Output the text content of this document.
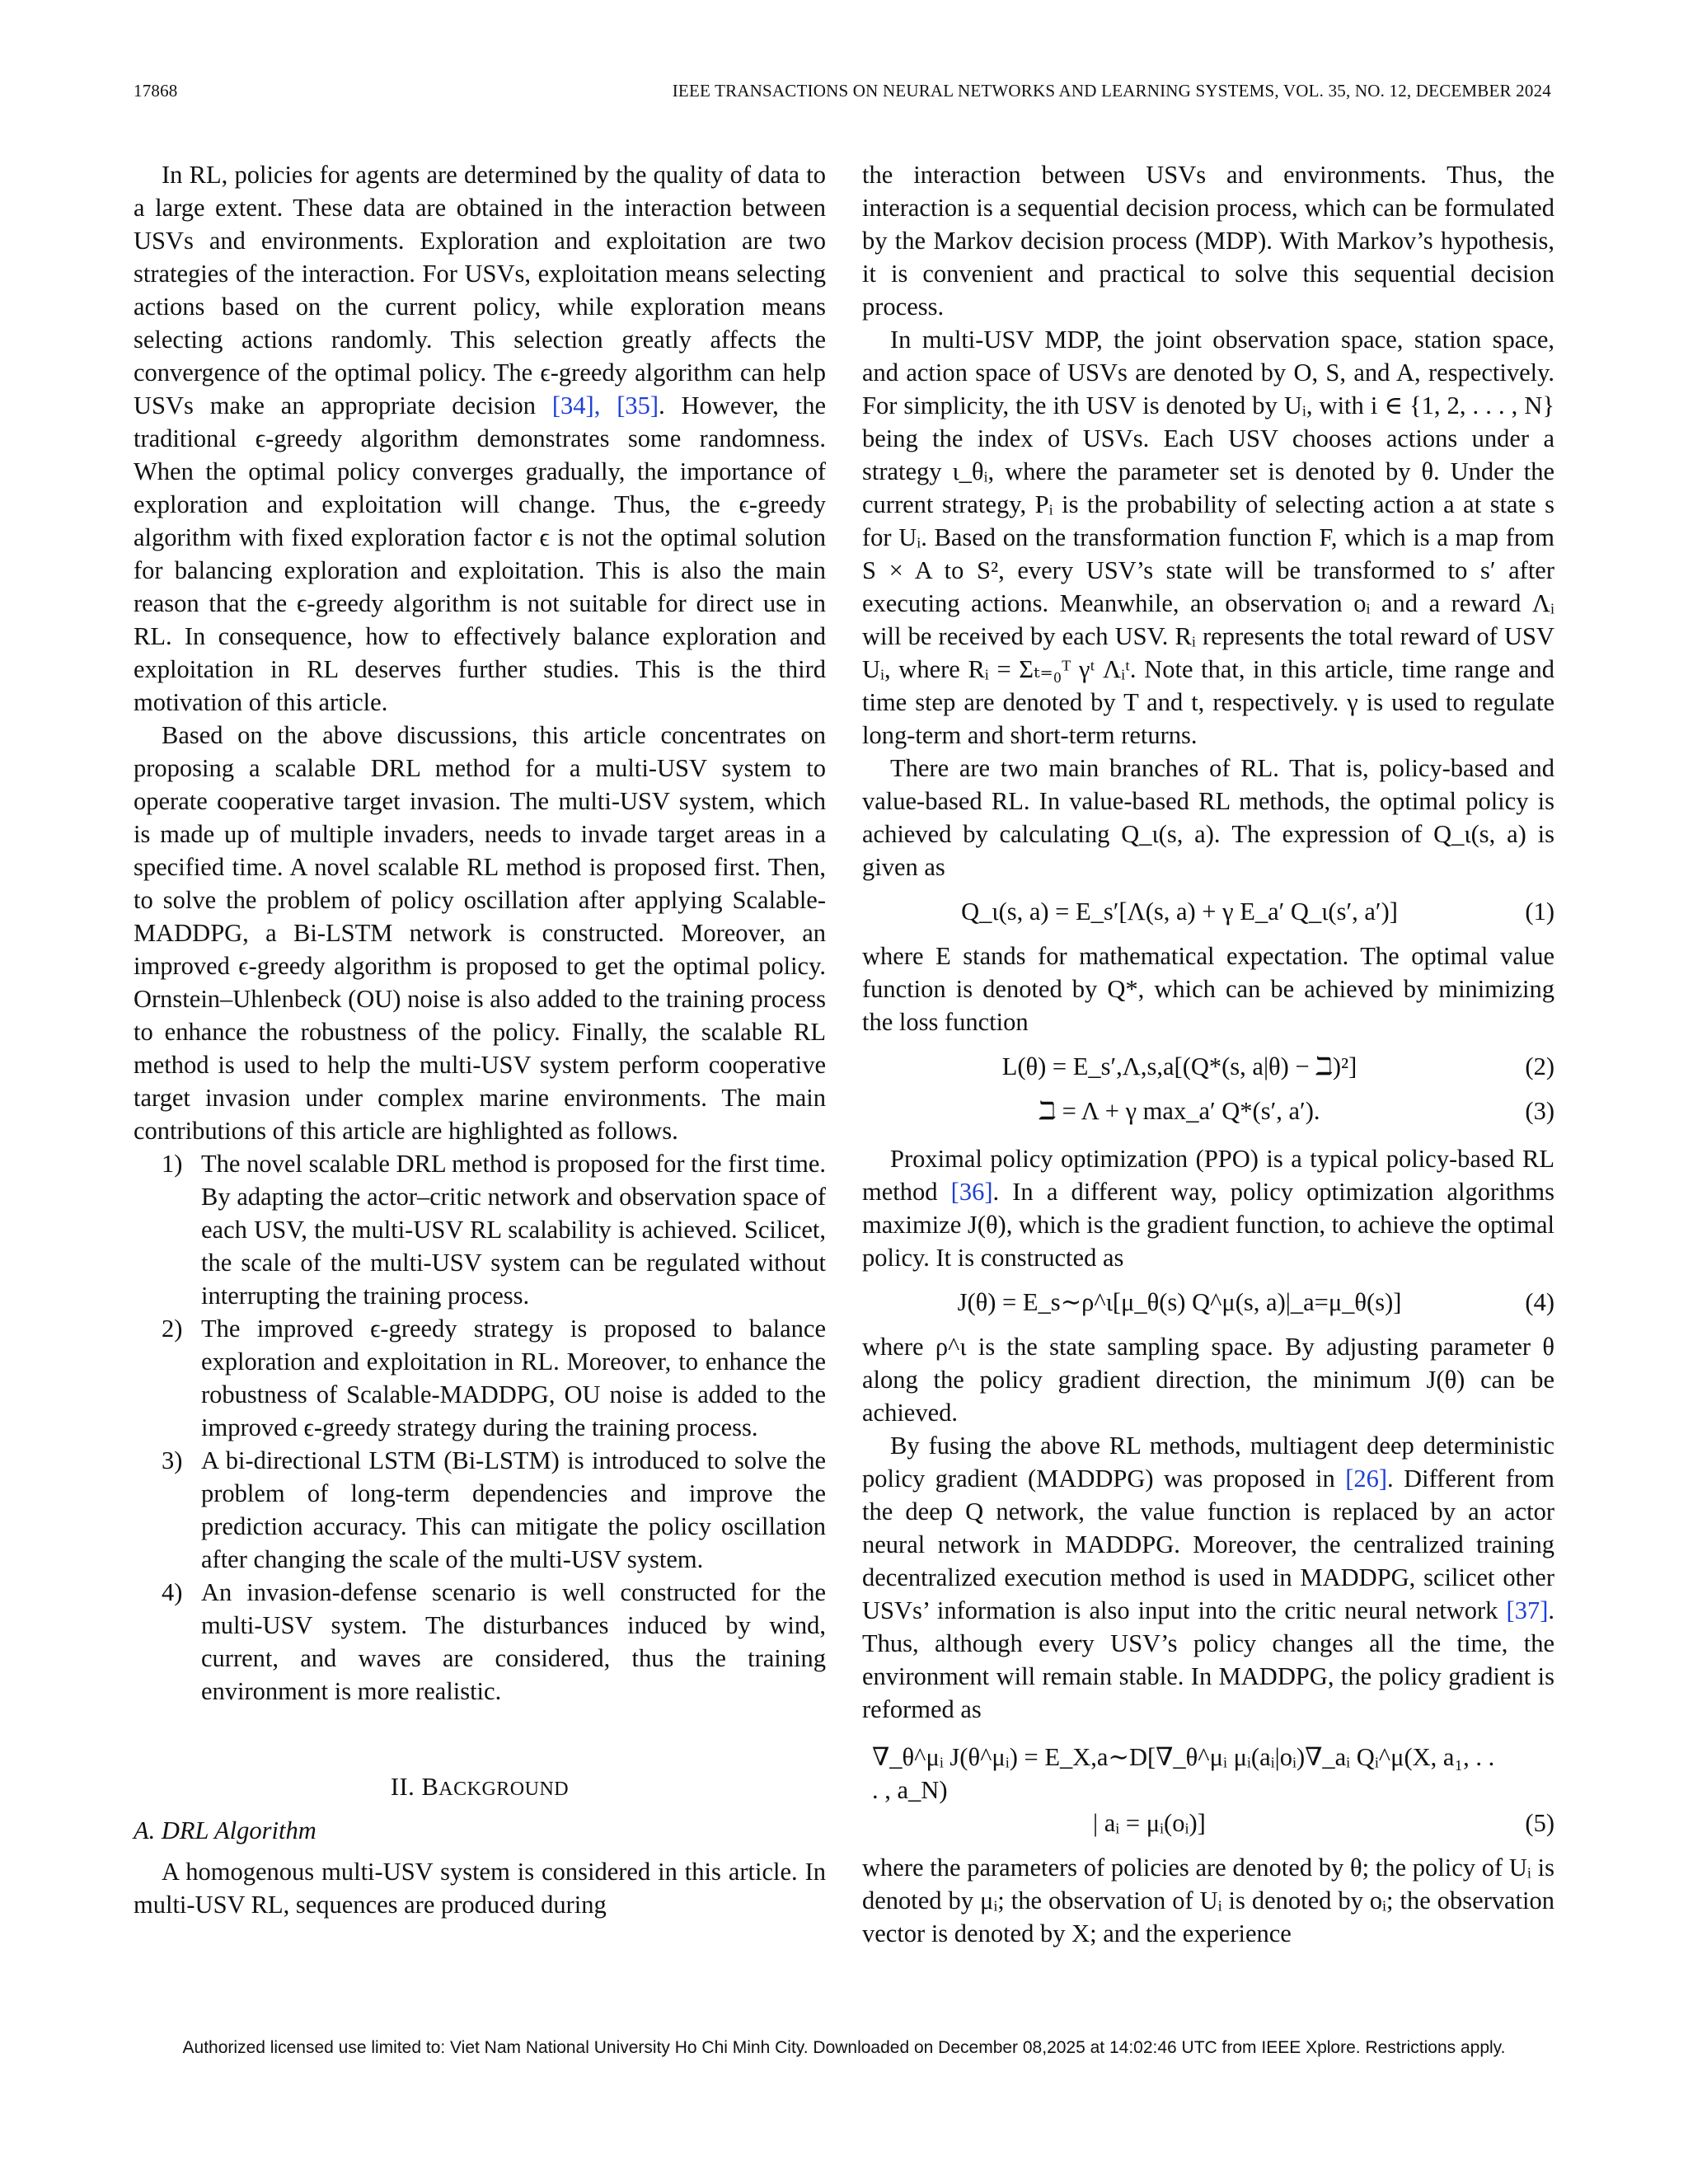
17868	IEEE TRANSACTIONS ON NEURAL NETWORKS AND LEARNING SYSTEMS, VOL. 35, NO. 12, DECEMBER 2024

In RL, policies for agents are determined by the quality of data to a large extent. These data are obtained in the interaction between USVs and environments. Exploration and exploitation are two strategies of the interaction. For USVs, exploitation means selecting actions based on the current policy, while exploration means selecting actions randomly. This selection greatly affects the convergence of the optimal policy. The ϵ-greedy algorithm can help USVs make an appropriate decision [34], [35]. However, the traditional ϵ-greedy algorithm demonstrates some randomness. When the optimal policy converges gradually, the importance of exploration and exploitation will change. Thus, the ϵ-greedy algorithm with fixed exploration factor ϵ is not the optimal solution for balancing exploration and exploitation. This is also the main reason that the ϵ-greedy algorithm is not suitable for direct use in RL. In consequence, how to effectively balance exploration and exploitation in RL deserves further studies. This is the third motivation of this article.

Based on the above discussions, this article concentrates on proposing a scalable DRL method for a multi-USV system to operate cooperative target invasion. The multi-USV system, which is made up of multiple invaders, needs to invade target areas in a specified time. A novel scalable RL method is proposed first. Then, to solve the problem of policy oscillation after applying Scalable-MADDPG, a Bi-LSTM network is constructed. Moreover, an improved ϵ-greedy algorithm is proposed to get the optimal policy. Ornstein–Uhlenbeck (OU) noise is also added to the training process to enhance the robustness of the policy. Finally, the scalable RL method is used to help the multi-USV system perform cooperative target invasion under complex marine environments. The main contributions of this article are highlighted as follows.

1) The novel scalable DRL method is proposed for the first time. By adapting the actor–critic network and observation space of each USV, the multi-USV RL scalability is achieved. Scilicet, the scale of the multi-USV system can be regulated without interrupting the training process.
2) The improved ϵ-greedy strategy is proposed to balance exploration and exploitation in RL. Moreover, to enhance the robustness of Scalable-MADDPG, OU noise is added to the improved ϵ-greedy strategy during the training process.
3) A bi-directional LSTM (Bi-LSTM) is introduced to solve the problem of long-term dependencies and improve the prediction accuracy. This can mitigate the policy oscillation after changing the scale of the multi-USV system.
4) An invasion-defense scenario is well constructed for the multi-USV system. The disturbances induced by wind, current, and waves are considered, thus the training environment is more realistic.
II. BACKGROUND
A. DRL Algorithm

A homogenous multi-USV system is considered in this article. In multi-USV RL, sequences are produced during

the interaction between USVs and environments. Thus, the interaction is a sequential decision process, which can be formulated by the Markov decision process (MDP). With Markov’s hypothesis, it is convenient and practical to solve this sequential decision process.

In multi-USV MDP, the joint observation space, station space, and action space of USVs are denoted by O, S, and A, respectively. For simplicity, the ith USV is denoted by Uᵢ, with i ∈ {1, 2, . . . , N} being the index of USVs. Each USV chooses actions under a strategy ι_θᵢ, where the parameter set is denoted by θ. Under the current strategy, Pᵢ is the probability of selecting action a at state s for Uᵢ. Based on the transformation function F, which is a map from S × A to S², every USV’s state will be transformed to s′ after executing actions. Meanwhile, an observation oᵢ and a reward Λᵢ will be received by each USV. Rᵢ represents the total reward of USV Uᵢ, where Rᵢ = Σₜ₌₀ᵀ γᵗ Λᵢᵗ. Note that, in this article, time range and time step are denoted by T and t, respectively. γ is used to regulate long-term and short-term returns.

There are two main branches of RL. That is, policy-based and value-based RL. In value-based RL methods, the optimal policy is achieved by calculating Q_ι(s, a). The expression of Q_ι(s, a) is given as

Q_ι(s, a) = E_s′[Λ(s, a) + γ E_a′ Q_ι(s′, a′)]	(1)

where E stands for mathematical expectation. The optimal value function is denoted by Q*, which can be achieved by minimizing the loss function

L(θ) = E_s′,Λ,s,a[(Q*(s, a|θ) − ℶ)²]	(2)
ℶ = Λ + γ max_a′ Q*(s′, a′).	(3)

Proximal policy optimization (PPO) is a typical policy-based RL method [36]. In a different way, policy optimization algorithms maximize J(θ), which is the gradient function, to achieve the optimal policy. It is constructed as

J(θ) = E_s∼ρ^ι[μ_θ(s) Q^μ(s, a)|_a=μ_θ(s)]	(4)

where ρ^ι is the state sampling space. By adjusting parameter θ along the policy gradient direction, the minimum J(θ) can be achieved.

By fusing the above RL methods, multiagent deep deterministic policy gradient (MADDPG) was proposed in [26]. Different from the deep Q network, the value function is replaced by an actor neural network in MADDPG. Moreover, the centralized training decentralized execution method is used in MADDPG, scilicet other USVs’ information is also input into the critic neural network [37]. Thus, although every USV’s policy changes all the time, the environment will remain stable. In MADDPG, the policy gradient is reformed as

∇_θ^μᵢ J(θ^μᵢ) = E_X,a∼D[∇_θ^μᵢ μᵢ(aᵢ|oᵢ)∇_aᵢ Qᵢ^μ(X, a₁, . . . , a_N)
| aᵢ = μᵢ(oᵢ)]	(5)

where the parameters of policies are denoted by θ; the policy of Uᵢ is denoted by μᵢ; the observation of Uᵢ is denoted by oᵢ; the observation vector is denoted by X; and the experience

Authorized licensed use limited to: Viet Nam National University Ho Chi Minh City. Downloaded on December 08,2025 at 14:02:46 UTC from IEEE Xplore. Restrictions apply.
